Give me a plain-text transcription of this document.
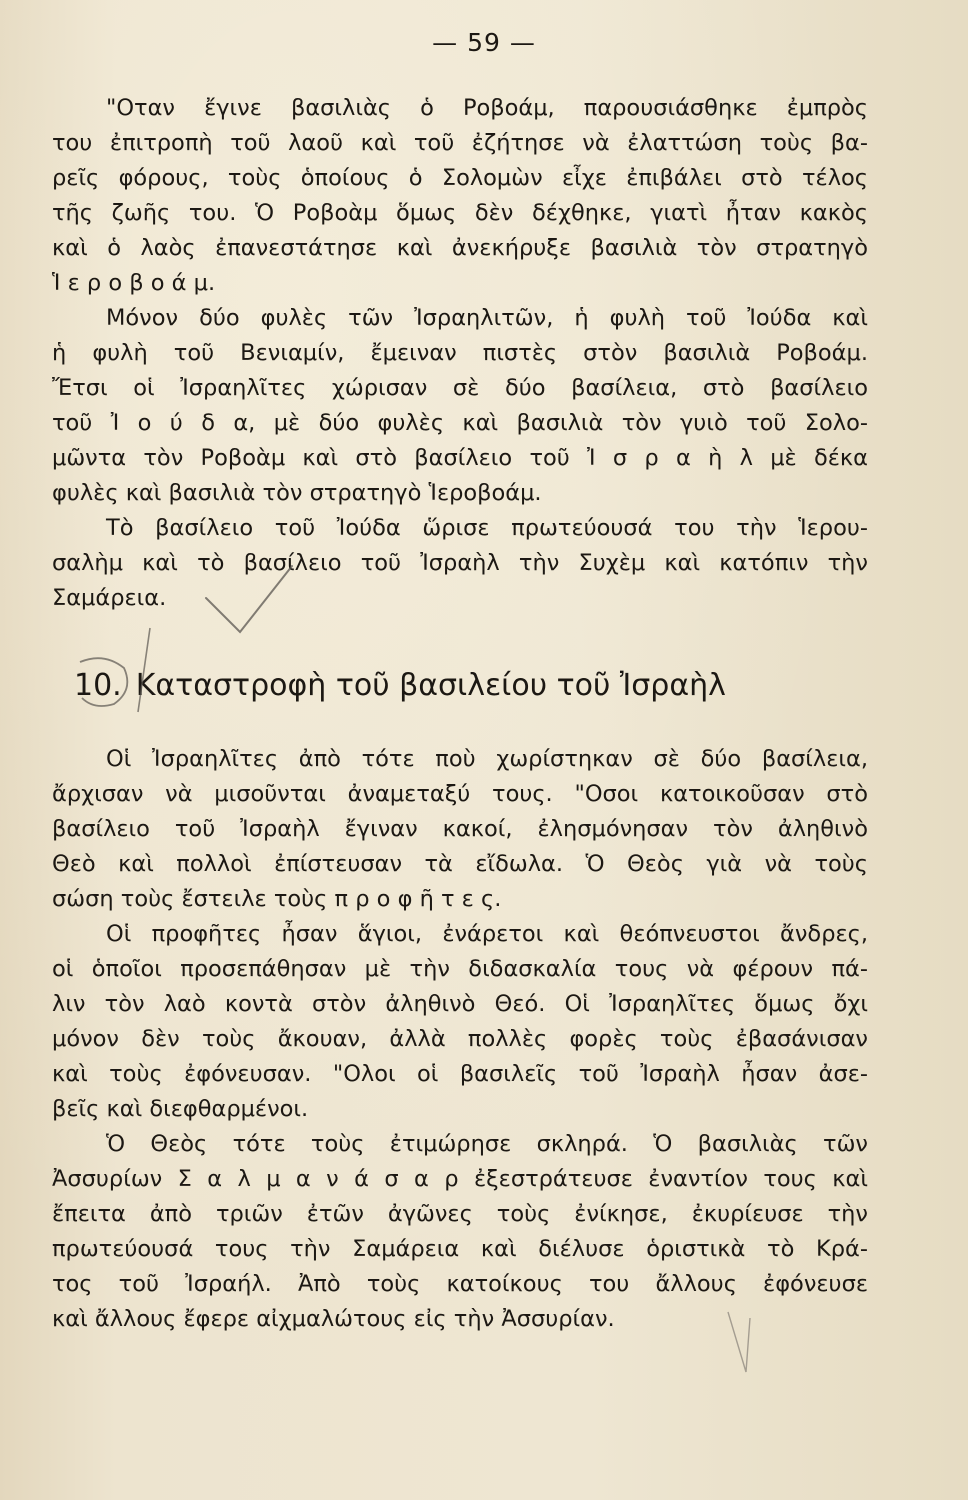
— 59 —
"Οταν ἔγινε βασιλιὰς ὁ Ροβοάμ, παρουσιάσθηκε ἐμπρὸς
του ἐπιτροπὴ τοῦ λαοῦ καὶ τοῦ ἐζήτησε νὰ ἐλαττώση τοὺς βα-
ρεῖς φόρους, τοὺς ὁποίους ὁ Σολομὼν εἶχε ἐπιβάλει στὸ τέλος
τῆς ζωῆς του. Ὁ Ροβοὰμ ὅμως δὲν δέχθηκε, γιατὶ ἦταν κακὸς
καὶ ὁ λαὸς ἐπανεστάτησε καὶ ἀνεκήρυξε βασιλιὰ τὸν στρατηγὸ
Ἱ ε ρ ο β ο ά μ.
Μόνον δύο φυλὲς τῶν Ἰσραηλιτῶν, ἡ φυλὴ τοῦ Ἰούδα καὶ
ἡ φυλὴ τοῦ Βενιαμίν, ἔμειναν πιστὲς στὸν βασιλιὰ Ροβοάμ.
Ἔτσι οἱ Ἰσραηλῖτες χώρισαν σὲ δύο βασίλεια, στὸ βασίλειο
τοῦ Ἰ ο ύ δ α, μὲ δύο φυλὲς καὶ βασιλιὰ τὸν γυιὸ τοῦ Σολο-
μῶντα τὸν Ροβοὰμ καὶ στὸ βασίλειο τοῦ Ἰ σ ρ α ὴ λ μὲ δέκα
φυλὲς καὶ βασιλιὰ τὸν στρατηγὸ Ἱεροβοάμ.
Τὸ βασίλειο τοῦ Ἰούδα ὥρισε πρωτεύουσά του τὴν Ἱερου-
σαλὴμ καὶ τὸ βασίλειο τοῦ Ἰσραὴλ τὴν Συχὲμ καὶ κατόπιν τὴν
Σαμάρεια.
10. Καταστροφὴ τοῦ βασιλείου τοῦ Ἰσραὴλ
Οἱ Ἰσραηλῖτες ἀπὸ τότε ποὺ χωρίστηκαν σὲ δύο βασίλεια,
ἄρχισαν νὰ μισοῦνται ἀναμεταξύ τους. "Οσοι κατοικοῦσαν στὸ
βασίλειο τοῦ Ἰσραὴλ ἔγιναν κακοί, ἐλησμόνησαν τὸν ἀληθινὸ
Θεὸ καὶ πολλοὶ ἐπίστευσαν τὰ εἴδωλα. Ὁ Θεὸς γιὰ νὰ τοὺς
σώση τοὺς ἔστειλε τοὺς π ρ ο φ ῆ τ ε ς.
Οἱ προφῆτες ἦσαν ἅγιοι, ἐνάρετοι καὶ θεόπνευστοι ἄνδρες,
οἱ ὁποῖοι προσεπάθησαν μὲ τὴν διδασκαλία τους νὰ φέρουν πά-
λιν τὸν λαὸ κοντὰ στὸν ἀληθινὸ Θεό. Οἱ Ἰσραηλῖτες ὅμως ὄχι
μόνον δὲν τοὺς ἄκουαν, ἀλλὰ πολλὲς φορὲς τοὺς ἐβασάνισαν
καὶ τοὺς ἐφόνευσαν. "Ολοι οἱ βασιλεῖς τοῦ Ἰσραὴλ ἦσαν ἀσε-
βεῖς καὶ διεφθαρμένοι.
Ὁ Θεὸς τότε τοὺς ἐτιμώρησε σκληρά. Ὁ βασιλιὰς τῶν
Ἀσσυρίων Σ α λ μ α ν ά σ α ρ ἐξεστράτευσε ἐναντίον τους καὶ
ἔπειτα ἀπὸ τριῶν ἐτῶν ἀγῶνες τοὺς ἐνίκησε, ἐκυρίευσε τὴν
πρωτεύουσά τους τὴν Σαμάρεια καὶ διέλυσε ὁριστικὰ τὸ Κρά-
τος τοῦ Ἰσραήλ. Ἀπὸ τοὺς κατοίκους του ἄλλους ἐφόνευσε
καὶ ἄλλους ἔφερε αἰχμαλώτους εἰς τὴν Ἀσσυρίαν.
